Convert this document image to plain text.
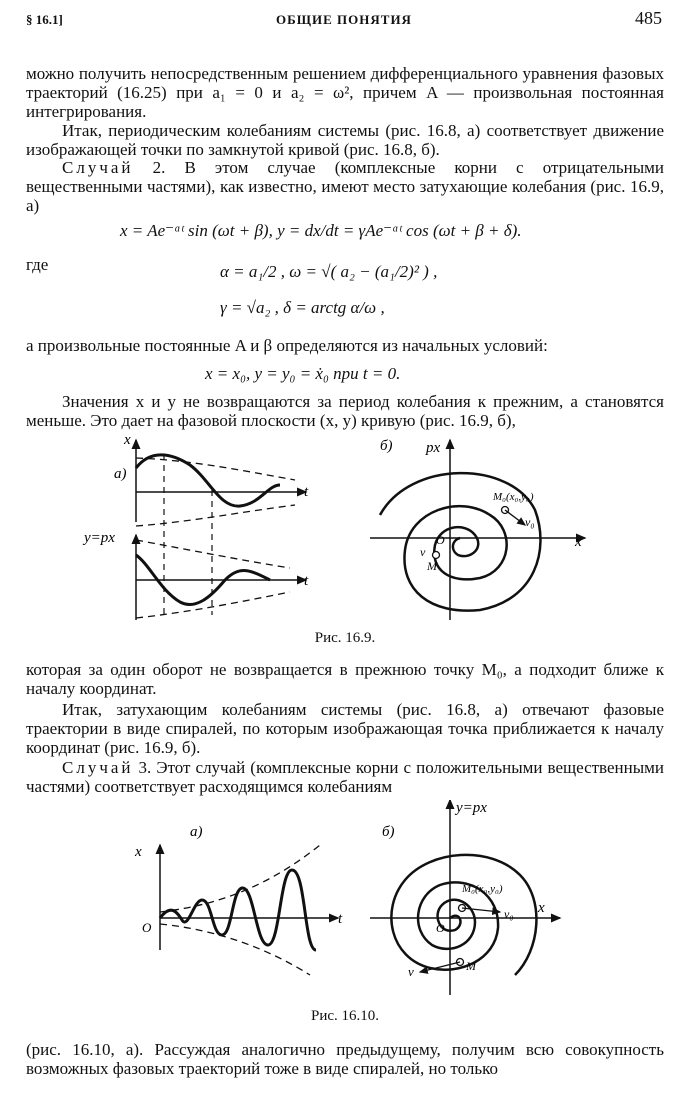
§ 16.1]	ОБЩИЕ ПОНЯТИЯ	485

можно получить непосредственным решением дифференциального уравнения фазовых траекторий (16.25) при a₁ = 0 и a₂ = ω², причем A — произвольная постоянная интегрирования.

Итак, периодическим колебаниям системы (рис. 16.8, a) соответствует движение изображающей точки по замкнутой кривой (рис. 16.8, б).

Случай 2. В этом случае (комплексные корни с отрицательными вещественными частями), как известно, имеют место затухающие колебания (рис. 16.9, a)

x = Ae⁻ᵅᵗ sin (ωt + β), y = dx/dt = γAe⁻ᵅᵗ cos (ωt + β + δ).
где	α = a₁/2 , ω = √( a₂ − (a₁/2)² ) ,
γ = √a₂ , δ = arctg α/ω ,

а произвольные постоянные A и β определяются из начальных условий:

x = x₀, y = y₀ = ẋ₀ при t = 0.

Значения x и y не возвращаются за период колебания к прежним, а становятся меньше. Это дает на фазовой плоскости (x, y) кривую (рис. 16.9, б),

x
a)
t
y=px
t
б) px
x
O
M₀(x₀,y₀)
v₀
v
M
Рис. 16.9.

которая за один оборот не возвращается в прежнюю точку M₀, а подходит ближе к началу координат.

Итак, затухающим колебаниям системы (рис. 16.8, a) отвечают фазовые траектории в виде спиралей, по которым изображающая точка приближается к началу координат (рис. 16.9, б).

Случай 3. Этот случай (комплексные корни с положительными вещественными частями) соответствует расходящимся колебаниям

a)
x
t
O
б)
y=px
x
M₀(x₀,y₀)
v₀
v	M
O
Рис. 16.10.

(рис. 16.10, a). Рассуждая аналогично предыдущему, получим всю совокупность возможных фазовых траекторий тоже в виде спиралей, но только
